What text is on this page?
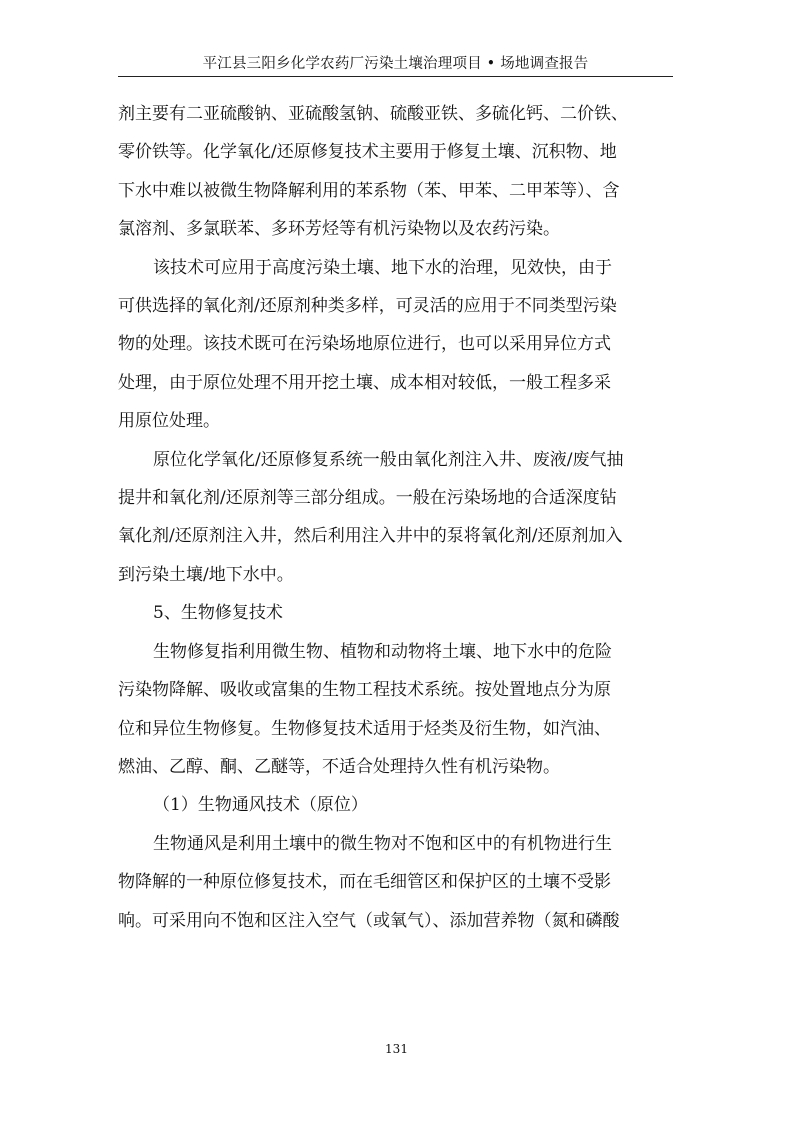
平江县三阳乡化学农药厂污染土壤治理项目 • 场地调查报告

剂主要有二亚硫酸钠、亚硫酸氢钠、硫酸亚铁、多硫化钙、二价铁、
零价铁等。化学氧化/还原修复技术主要用于修复土壤、沉积物、地
下水中难以被微生物降解利用的苯系物（苯、甲苯、二甲苯等）、含
氯溶剂、多氯联苯、多环芳烃等有机污染物以及农药污染。

该技术可应用于高度污染土壤、地下水的治理，见效快，由于
可供选择的氧化剂/还原剂种类多样，可灵活的应用于不同类型污染
物的处理。该技术既可在污染场地原位进行，也可以采用异位方式
处理，由于原位处理不用开挖土壤、成本相对较低，一般工程多采
用原位处理。

原位化学氧化/还原修复系统一般由氧化剂注入井、废液/废气抽
提井和氧化剂/还原剂等三部分组成。一般在污染场地的合适深度钻
氧化剂/还原剂注入井，然后利用注入井中的泵将氧化剂/还原剂加入
到污染土壤/地下水中。

5、生物修复技术

生物修复指利用微生物、植物和动物将土壤、地下水中的危险
污染物降解、吸收或富集的生物工程技术系统。按处置地点分为原
位和异位生物修复。生物修复技术适用于烃类及衍生物，如汽油、
燃油、乙醇、酮、乙醚等，不适合处理持久性有机污染物。

（1）生物通风技术（原位）

生物通风是利用土壤中的微生物对不饱和区中的有机物进行生
物降解的一种原位修复技术，而在毛细管区和保护区的土壤不受影
响。可采用向不饱和区注入空气（或氧气）、添加营养物（氮和磷酸

131
